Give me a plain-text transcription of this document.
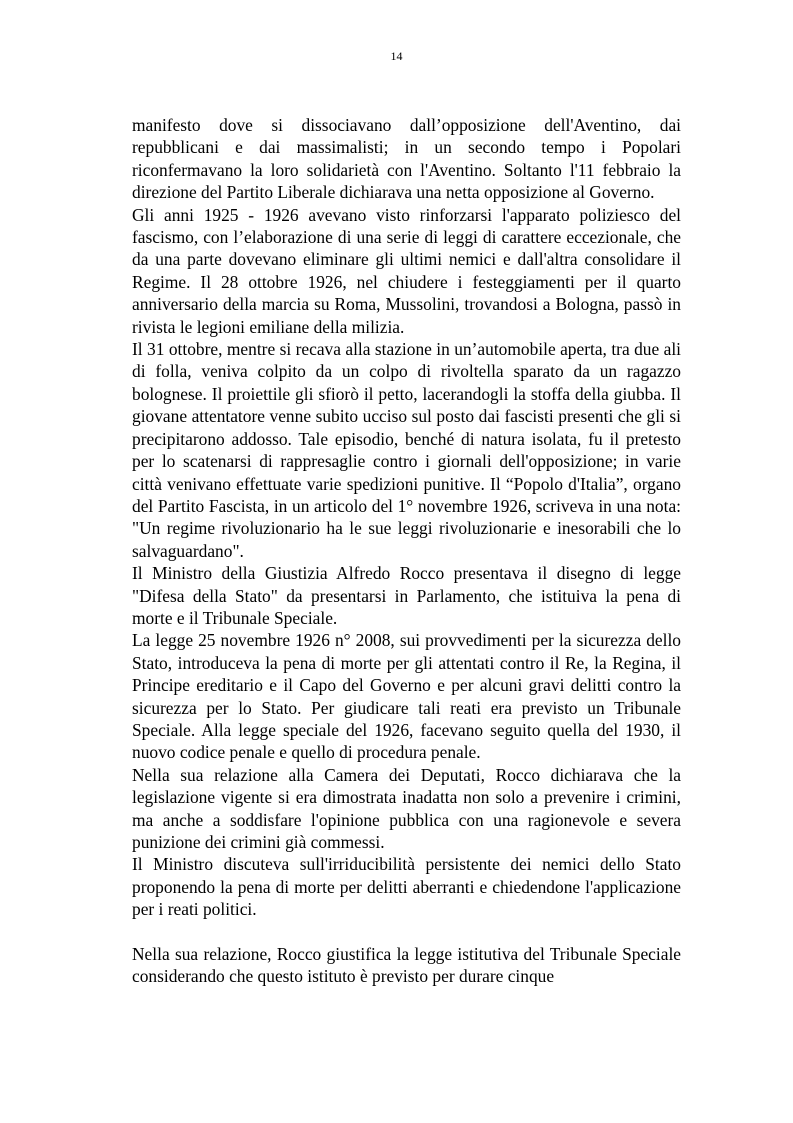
14

manifesto dove si dissociavano dall’opposizione dell'Aventino, dai repubblicani e dai massimalisti; in un secondo tempo i Popolari riconfermavano la loro solidarietà con l'Aventino. Soltanto l'11 febbraio la direzione del Partito Liberale dichiarava una netta opposizione al Governo.

Gli anni 1925 - 1926 avevano visto rinforzarsi l'apparato poliziesco del fascismo, con l’elaborazione di una serie di leggi di carattere eccezionale, che da una parte dovevano eliminare gli ultimi nemici e dall'altra consolidare il Regime. Il 28 ottobre 1926, nel chiudere i festeggiamenti per il quarto anniversario della marcia su Roma, Mussolini, trovandosi a Bologna, passò in rivista le legioni emiliane della milizia.

Il 31 ottobre, mentre si recava alla stazione in un’automobile aperta, tra due ali di folla, veniva colpito da un colpo di rivoltella sparato da un ragazzo bolognese. Il proiettile gli sfiorò il petto, lacerandogli la stoffa della giubba. Il giovane attentatore venne subito ucciso sul posto dai fascisti presenti che gli si precipitarono addosso. Tale episodio, benché di natura isolata, fu il pretesto per lo scatenarsi di rappresaglie contro i giornali dell'opposizione; in varie città venivano effettuate varie spedizioni punitive. Il “Popolo d'Italia”, organo del Partito Fascista, in un articolo del 1° novembre 1926, scriveva in una nota: "Un regime rivoluzionario ha le sue leggi rivoluzionarie e inesorabili che lo salvaguardano".

Il Ministro della Giustizia Alfredo Rocco presentava il disegno di legge "Difesa della Stato" da presentarsi in Parlamento, che istituiva la pena di morte e il Tribunale Speciale.

La legge 25 novembre 1926 n° 2008, sui provvedimenti per la sicurezza dello Stato, introduceva la pena di morte per gli attentati contro il Re, la Regina, il Principe ereditario e il Capo del Governo e per alcuni gravi delitti contro la sicurezza per lo Stato. Per giudicare tali reati era previsto un Tribunale Speciale. Alla legge speciale del 1926, facevano seguito quella del 1930, il nuovo codice penale e quello di procedura penale.

Nella sua relazione alla Camera dei Deputati, Rocco dichiarava che la legislazione vigente si era dimostrata inadatta non solo a prevenire i crimini, ma anche a soddisfare l'opinione pubblica con una ragionevole e severa punizione dei crimini già commessi.

Il Ministro discuteva sull'irriducibilità persistente dei nemici dello Stato proponendo la pena di morte per delitti aberranti e chiedendone l'applicazione per i reati politici.

Nella sua relazione, Rocco giustifica la legge istitutiva del Tribunale Speciale considerando che questo istituto è previsto per durare cinque
